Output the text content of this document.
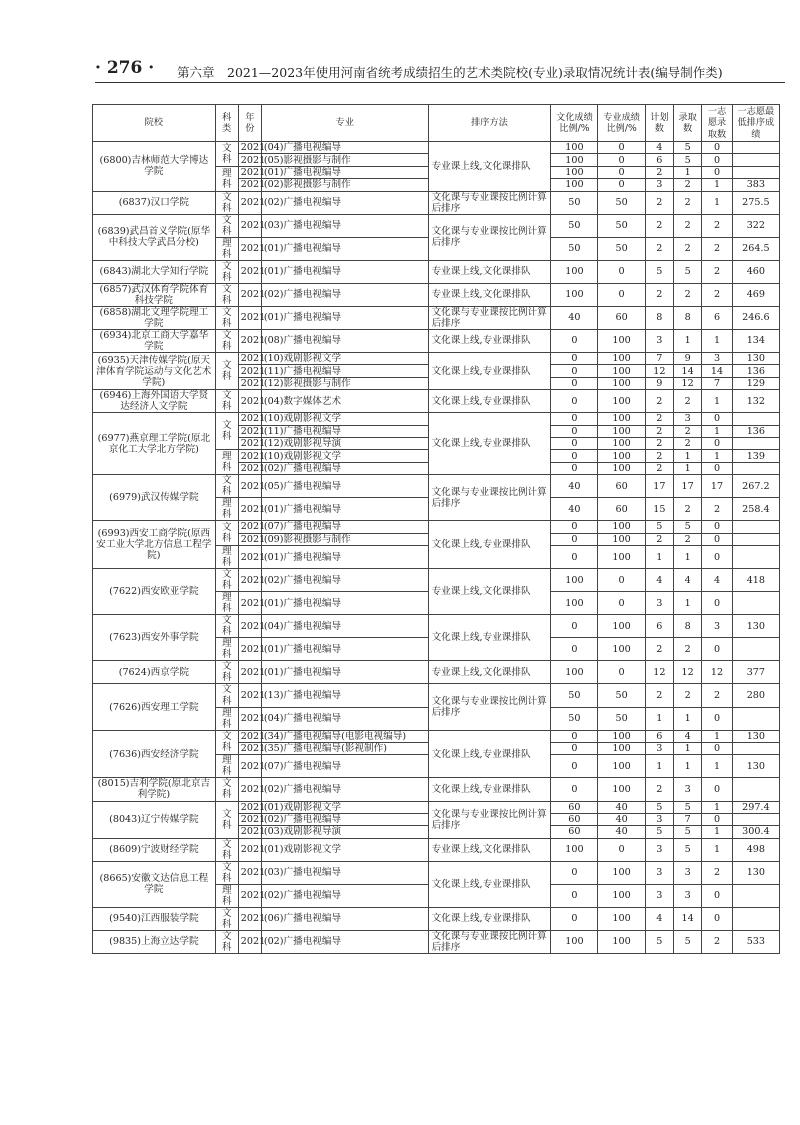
· 276 · 第六章　2021—2023年使用河南省统考成绩招生的艺术类院校(专业)录取情况统计表(编导制作类)
院校	科类	年份	专业	排序方法	文化成绩比例/%	专业成绩比例/%	计划数	录取数	一志愿录取数	一志愿最低排序成绩
(6800)吉林师范大学博达学院	文科	2021	(04)广播电视编导	专业课上线,文化课排队	100	0	4	5	0	
		2021	(05)影视摄影与制作		100	0	6	5	0	
	理科	2021	(01)广播电视编导		100	0	2	1	0	
		2021	(02)影视摄影与制作		100	0	3	2	1	383
(6837)汉口学院	文科	2021	(02)广播电视编导	文化课与专业课按比例计算后排序	50	50	2	2	1	275.5
(6839)武昌首义学院(原华中科技大学武昌分校)	文科	2021	(03)广播电视编导	文化课与专业课按比例计算后排序	50	50	2	2	2	322
	理科	2021	(01)广播电视编导		50	50	2	2	2	264.5
(6843)湖北大学知行学院	文科	2021	(01)广播电视编导	专业课上线,文化课排队	100	0	5	5	2	460
(6857)武汉体育学院体育科技学院	文科	2021	(02)广播电视编导	专业课上线,文化课排队	100	0	2	2	2	469
(6858)湖北文理学院理工学院	文科	2021	(01)广播电视编导	文化课与专业课按比例计算后排序	40	60	8	8	6	246.6
(6934)北京工商大学嘉华学院	文科	2021	(08)广播电视编导	文化课上线,专业课排队	0	100	3	1	1	134
(6935)天津传媒学院(原天津体育学院运动与文化艺术学院)	文科	2021	(10)戏剧影视文学	文化课上线,专业课排队	0	100	7	9	3	130
		2021	(11)广播电视编导		0	100	12	14	14	136
		2021	(12)影视摄影与制作		0	100	9	12	7	129
(6946)上海外国语大学贤达经济人文学院	文科	2021	(04)数字媒体艺术	文化课上线,专业课排队	0	100	2	2	1	132
(6977)燕京理工学院(原北京化工大学北方学院)	文科	2021	(10)戏剧影视文学	文化课上线,专业课排队	0	100	2	3	0	
		2021	(11)广播电视编导		0	100	2	2	1	136
		2021	(12)戏剧影视导演		0	100	2	2	0	
	理科	2021	(10)戏剧影视文学		0	100	2	1	1	139
		2021	(02)广播电视编导		0	100	2	1	0	
(6979)武汉传媒学院	文科	2021	(05)广播电视编导	文化课与专业课按比例计算后排序	40	60	17	17	17	267.2
	理科	2021	(01)广播电视编导		40	60	15	2	2	258.4
(6993)西安工商学院(原西安工业大学北方信息工程学院)	文科	2021	(07)广播电视编导	文化课上线,专业课排队	0	100	5	5	0	
		2021	(09)影视摄影与制作		0	100	2	2	0	
	理科	2021	(01)广播电视编导		0	100	1	1	0	
(7622)西安欧亚学院	文科	2021	(02)广播电视编导	专业课上线,文化课排队	100	0	4	4	4	418
	理科	2021	(01)广播电视编导		100	0	3	1	0	
(7623)西安外事学院	文科	2021	(04)广播电视编导	文化课上线,专业课排队	0	100	6	8	3	130
	理科	2021	(01)广播电视编导		0	100	2	2	0	
(7624)西京学院	文科	2021	(01)广播电视编导	专业课上线,文化课排队	100	0	12	12	12	377
(7626)西安理工学院	文科	2021	(13)广播电视编导	文化课与专业课按比例计算后排序	50	50	2	2	2	280
	理科	2021	(04)广播电视编导		50	50	1	1	0	
(7636)西安经济学院	文科	2021	(34)广播电视编导(电影电视编导)	文化课上线,专业课排队	0	100	6	4	1	130
		2021	(35)广播电视编导(影视制作)		0	100	3	1	0	
	理科	2021	(07)广播电视编导		0	100	1	1	1	130
(8015)吉利学院(原北京吉利学院)	文科	2021	(02)广播电视编导	文化课上线,专业课排队	0	100	2	3	0	
(8043)辽宁传媒学院	文科	2021	(01)戏剧影视文学	文化课与专业课按比例计算后排序	60	40	5	5	1	297.4
		2021	(02)广播电视编导		60	40	3	7	0	
		2021	(03)戏剧影视导演		60	40	5	5	1	300.4
(8609)宁波财经学院	文科	2021	(01)戏剧影视文学	专业课上线,文化课排队	100	0	3	5	1	498
(8665)安徽文达信息工程学院	文科	2021	(03)广播电视编导	文化课上线,专业课排队	0	100	3	3	2	130
	理科	2021	(02)广播电视编导		0	100	3	3	0	
(9540)江西服装学院	文科	2021	(06)广播电视编导	文化课上线,专业课排队	0	100	4	14	0	
(9835)上海立达学院	文科	2021	(02)广播电视编导	文化课与专业课按比例计算后排序	100	100	5	5	2	533
